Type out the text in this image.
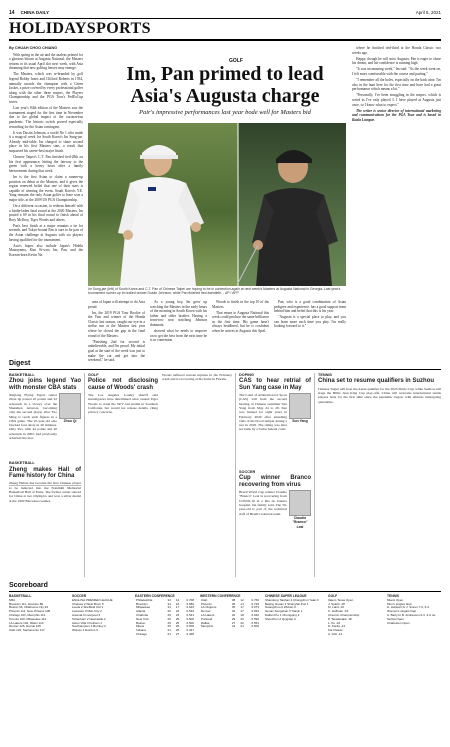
14 CHINA DAILY	April 5, 2021
HOLIDAYSPORTS
By CHUAH CHOO CHIANG

With spring in the air and the azaleas primed for a glorious bloom at Augusta National, the Masters returns to its usual April slot next week, with Asia dreaming that new golfing heroes may emerge.

The Masters, which was re-branded by golf legend Bobby Jones and Clifford Roberts in 1934, annually awards the champion with a Green Jacket, a prize coveted by every professional golfer along with the other three majors, the Players Championship and the PGA Tour's FedExCup series.

Last year's 84th edition of the Masters saw the tournament staged for the first time in November due to the global impact of the coronavirus pandemic. The historic switch proved especially rewarding for the Asian contingent.

It was Dustin Johnson, a world No 1 who made it a magical week for South Korea's Im Sung-jae. Already mid-table, Im charged to share second place in his first Masters start, a result that surpassed his career-best major finish.

Chinese Taipei's C.T. Pan finished tied-28th on his first appearance, hitting the fairway to the green with a heavy heart after a family bereavement during that week.

Im is the first Asian to claim a runner-up position on debut at the Masters, and it gives the region renewed belief that one of their stars is capable of winning the event. South Korea's Y.E. Yang remains the only Asian golfer to have won a major title, at the 2009 US PGA Championship.

On a different occasion, to redeem himself with a birdie-laden final round at the 2020 Masters, Im posted a 69 in his final round to finish ahead of Rory McIlroy, Tiger Woods and others.

Pan's best finish at a major remains a tie for seventh, and Tokyo-bound Pan is sure to be part of the Asian challenge at Augusta with six players having qualified for the tournament.

Asia's hopes also include Japan's Hideki Matsuyama, Kim Si-woo, Im, Pan, and the Korean-born Kevin Na.

GOLF
Im, Pan primed to lead Asia's Augusta charge
Pair's impressive performances last year bode well for Masters bid
Im Sung-jae (left) of South Korea and C.T. Pan of Chinese Taipei are hoping to be in contention again at next week's Masters at Augusta National in Georgia. Last year's tournament runner-up Im trailed winner Dustin Johnson, while Pan finished tied-twentieth. - AP / AFP

area of Japan will attempt to do Asia proud.

Im, the 2019 PGA Tour Rookie of the Year and winner of the Honda Classic last season, caught our eye in a stellar run at the Masters last year where he closed the gap in the final round of the Masters.

"Finishing 2nd for second is unbelievable, and I'm proud. My initial goal at the start of the week was just to make the cut and get into the weekend," he said.

As a young boy, Im grew up watching the Masters in the early hours of the morning in South Korea with his father and older brother. Having a front-row seat watching Johnson dominate,

showed what he needs to improve on to get the best from the next time he is in contention.

Woods to finish in the top 10 of the Masters.

That return to Augusta National this week could produce the same brilliance as the first time. His game hasn't always headlined, but he is confident when he arrives at Augusta this April.

Pan, who is a good combination of Asian pedigree and experience, has a good support team behind him and belief that this is his year.

"Augusta is a special place to play, and you can learn more each time you play. I'm really looking forward to it."

where he finished tied-third at the Honda Classic two weeks ago.

Happy, though he will miss Augusta, Pan is eager to chase his dream, and his confidence is running high.

"It was an amazing week," Im said. "As the week went on, I felt more comfortable with the course and putting."

"I remember all the holes, especially on the back nine. I'm also in the hunt here for the first time and have had a great performance which means a lot."

"Personally, I've been struggling in the majors, which is weird as I've only played 3. I have played at Augusta just once, so I know what to expect."

The writer is senior director of international marketing and communications for the PGA Tour and is based in Kuala Lumpur.

Digest
BASKETBALL
Zhou joins legend Yao with monster CBA stats

Xinjiang Flying Tigers center Zhou Qi posted 45 points and 22 rebounds in a victory over the Shenzhen Aviators, becoming only the second player after Yao Ming to reach such figures in a CBA game. The 25-year-old also blocked four shots in 40 minutes. Only Yao, with 44 points and 20 rebounds in 2002, had previously achieved the feat.

Zhou Qi
BASKETBALL
Zheng makes Hall of Fame history for China

Zheng Haixia has become the first Chinese player to be inducted into the Naismith Memorial Basketball Hall of Fame. The former center starred for China at two Olympics and won a silver medal at the 1992 Barcelona Games.

GOLF
Police not disclosing cause of Woods' crash

The Los Angeles County sheriff said investigators have determined what caused Tiger Woods to crash his SUV last month in Southern California, but would not release details, citing privacy concerns.

Woods suffered serious injuries in the February crash and is recovering at his home in Florida.

DOPING
CAS to hear retrial of Sun Yang case in May

The Court of Arbitration for Sport (CAS) will hold the second hearing of Chinese swimmer Sun Yang from May 24 to 28. Sun was banned for eight years in February 2020 after smashing vials of his blood sample during a test in 2018. The ruling was later set aside by a Swiss federal court.

Sun Yang
SOCCER
Cup winner Branco recovering from virus

Brazil World Cup winner Claudio "Branco" Leal is recovering from COVID-19 in a Rio de Janeiro hospital, his family said. The 56-year-old is part of the technical staff of Brazil's national team.

Claudio "Branco" Leal
TENNIS
China set to resume qualifiers in Suzhou

Chinese Taipei will host the Asian qualifier for the 2023 Davis Cup, while Suzhou will stage the Billie Jean King Cup play-offs. China will welcome international tennis players back for the first time since the pandemic began, with athletes undergoing quarantine.

Scoreboard
BASKETBALL
NBA
Brooklyn 111, Houston 89
Boston 96, Oklahoma City 94
Phoenix 111, New Orleans 108
Chicago 101, Memphis 112
Toronto 100, Milwaukee 114
LA Lakers 102, Miami 110
Denver 126, Detroit 105
Utah 122, Sacramento 117
SOCCER
ENGLISH PREMIER LEAGUE
Chelsea 2 West Brom 5
Leeds 2 Sheffield Utd 1
Leicester 0 Man City 2
Arsenal 0 Liverpool 3
Tottenham 2 Newcastle 2
Aston Villa 3 Fulham 1
Southampton 3 Burnley 2
Wolves 1 Everton 0
EASTERN CONFERENCE
Philadelphia	34	14	0.708
Brooklyn	34	16	0.680
Milwaukee	31	17	0.646
Atlanta	26	24	0.520
Charlotte	25	23	0.521
New York	25	25	0.500
Boston	25	25	0.500
Miami	25	25	0.500
Indiana	21	26	0.447
Chicago	21	27	0.438
WESTERN CONFERENCE
Utah	38	12	0.760
Phoenix	36	14	0.720
LA Clippers	35	17	0.673
Denver	32	17	0.653
LA Lakers	32	18	0.640
Portland	29	20	0.592
Dallas	27	22	0.551
Memphis	24	24	0.500
CHINESE SUPER LEAGUE
Shandong Taishan 2 Changchun Yatai 0
Beijing Guoan 1 Shanghai Port 1
Guangzhou 0 Wuhan 0
Henan Songshan 3 Tianjin 1
Dalian Pro 1 Chongqing 2
Shenzhen 2 Qingdao 0
GOLF
Valero Texas Open
J. Spieth -18
M. Laird -16
C. Hoffman -15
Chevron Championship
P. Tavatanakit -18
L. Ko -16
N. Korda -13
Kia Classic
A. Ishii -14
TENNIS
Miami Open
Men's singles final
H. Hurkacz bt J. Sinner 7-6, 6-4
Women's singles final
A. Barty bt B. Andreescu 6-3, 4-0 ret
Serbia Open
Charleston Open
